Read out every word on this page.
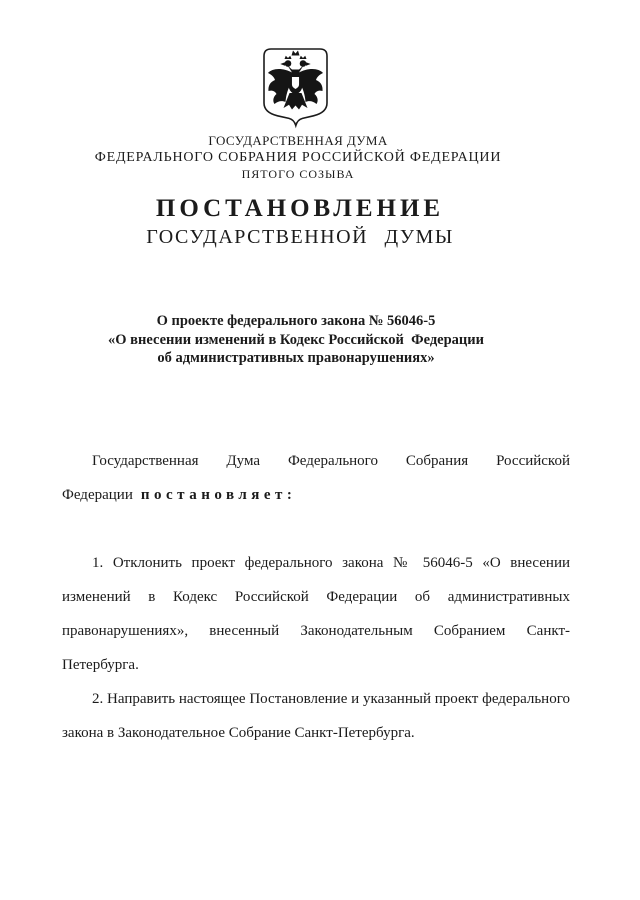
ГОСУДАРСТВЕННАЯ ДУМА
ФЕДЕРАЛЬНОГО СОБРАНИЯ РОССИЙСКОЙ ФЕДЕРАЦИИ
ПЯТОГО СОЗЫВА
ПОСТАНОВЛЕНИЕ
ГОСУДАРСТВЕННОЙ ДУМЫ
О проекте федерального закона № 56046-5
«О внесении изменений в Кодекс Российской  Федерации
об административных правонарушениях»

Государственная Дума Федерального Собрания Российской Федерации постановляет:

1. Отклонить проект федерального закона № 56046-5 «О внесении изменений в Кодекс Российской Федерации об административных правонарушениях», внесенный Законодательным Собранием Санкт-Петербурга.

2. Направить настоящее Постановление и указанный проект федерального закона в Законодательное Собрание Санкт-Петербурга.
